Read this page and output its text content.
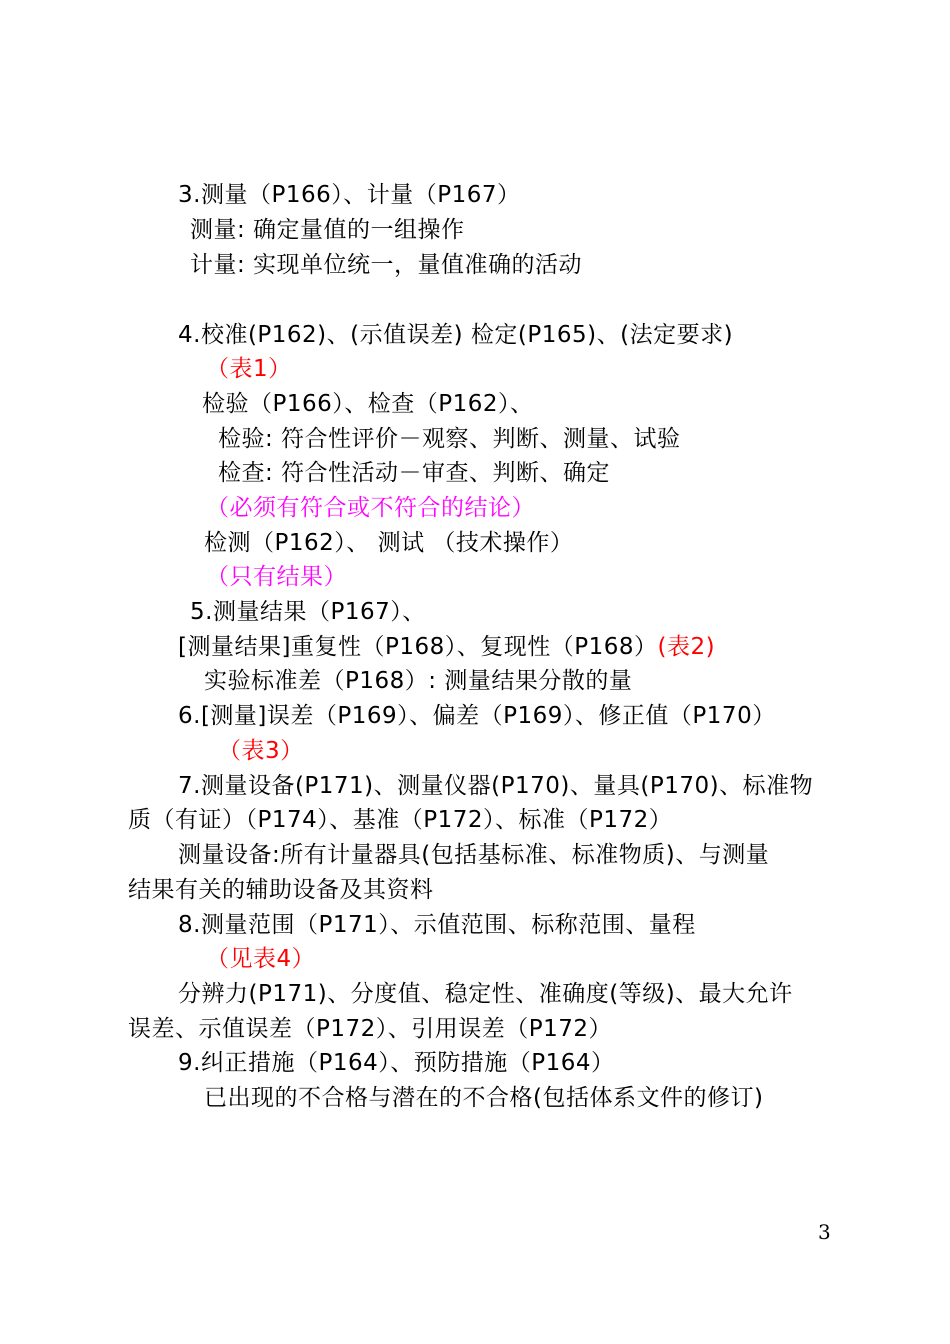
3.测量（P166）、计量（P167）
测量: 确定量值的一组操作
计量: 实现单位统一，量值准确的活动
4.校准(P162)、(示值误差) 检定(P165)、(法定要求)
（表1）
检验（P166）、检查（P162）、
检验: 符合性评价－观察、判断、测量、试验
检查: 符合性活动－审查、判断、确定
（必须有符合或不符合的结论）
检测（P162）、 测试 （技术操作）
（只有结果）
5.测量结果（P167）、
[测量结果]重复性（P168）、复现性（P168）(表2)
实验标准差（P168）: 测量结果分散的量
6.[测量]误差（P169）、偏差（P169）、修正值（P170）
（表3）
7.测量设备(P171)、测量仪器(P170)、量具(P170)、标准物
质（有证）（P174）、基准（P172）、标准（P172）
测量设备:所有计量器具(包括基标准、标准物质)、与测量
结果有关的辅助设备及其资料
8.测量范围（P171）、示值范围、标称范围、量程
（见表4）
分辨力(P171)、分度值、稳定性、准确度(等级)、最大允许
误差、示值误差（P172）、引用误差（P172）
9.纠正措施（P164）、预防措施（P164）
已出现的不合格与潜在的不合格(包括体系文件的修订)
3
